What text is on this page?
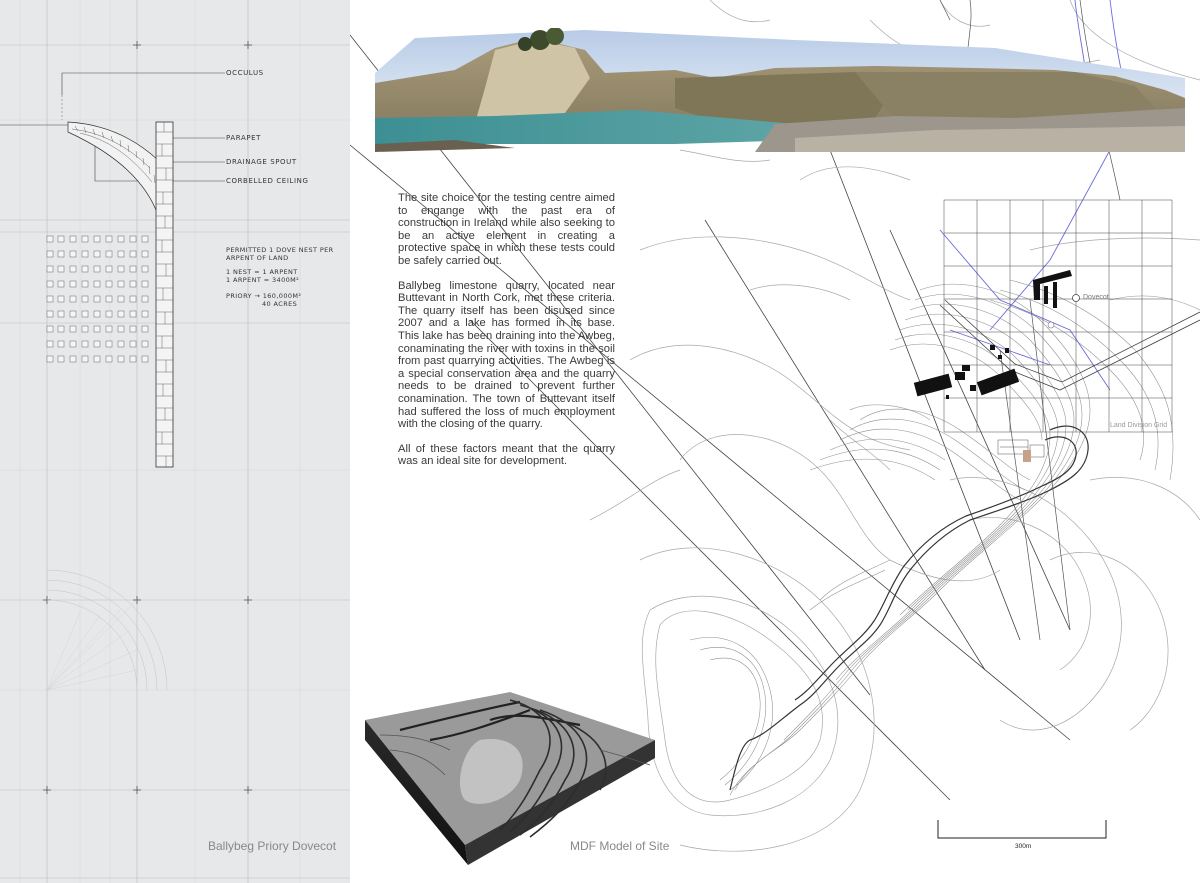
OCCULUS
PARAPET
DRAINAGE SPOUT
CORBELLED CEILING
PERMITTED 1 DOVE NEST PER
ARPENT OF LAND
1 NEST = 1 ARPENT
1 ARPENT = 3400M²
PRIORY → 160,000M²
40 ACRES
Ballybeg Priory Dovecot

The site choice for the testing centre aimed to engange with the past era of construction in Ireland while also seeking to be an active element in creating a protective space in which these tests could be safely carried out.

Ballybeg limestone quarry, located near Buttevant in North Cork, met these criteria. The quarry itself has been disused since 2007 and a lake has formed in its base. This lake has been draining into the Awbeg, conaminating the river with toxins in the soil from past quarrying activities. The Awbeg is a special conservation area and the quarry needs to be drained to prevent further conamination. The town of Buttevant itself had suffered the loss of much employment with the closing of the quarry.

All of these factors meant that the quarry was an ideal site for development.

Dovecot
Land Division Grid
300m
MDF Model of Site
